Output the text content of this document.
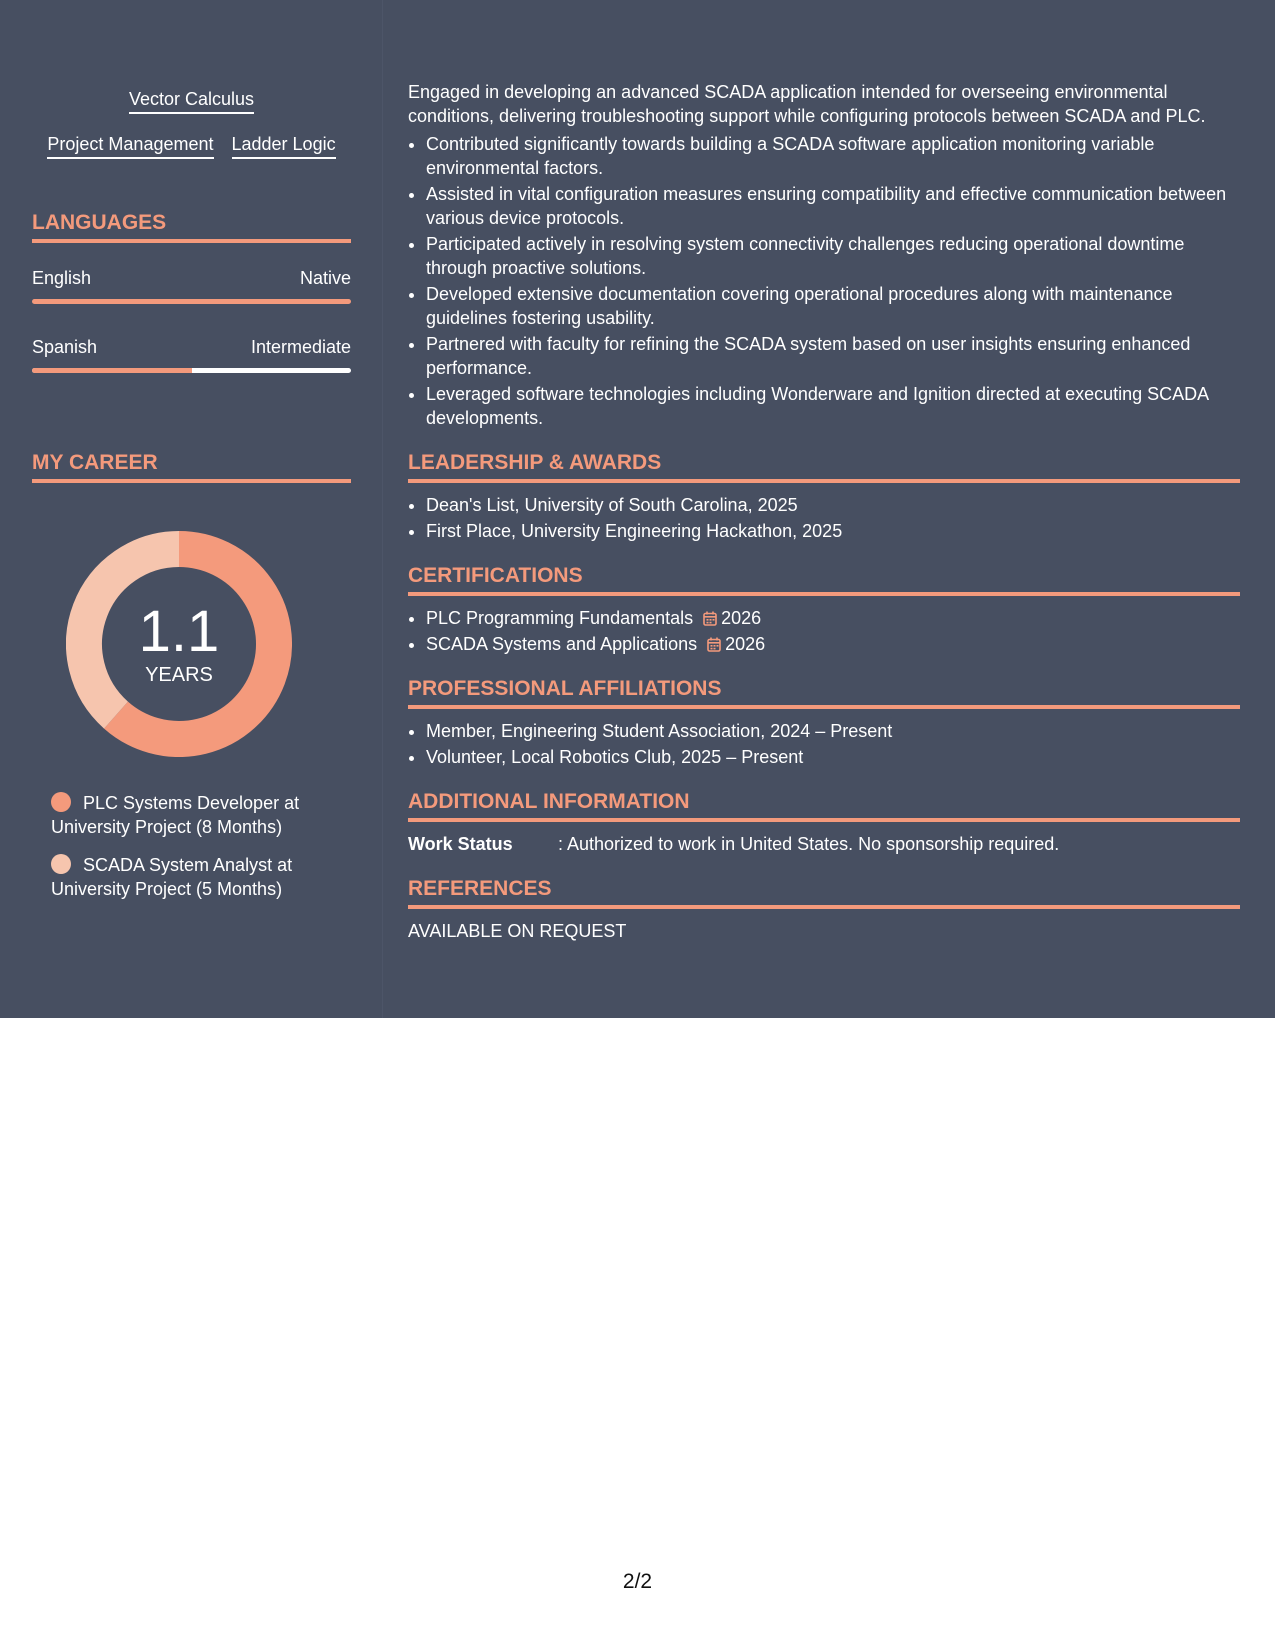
Vector Calculus
Project Management Ladder Logic
LANGUAGES
English	Native
Spanish	Intermediate
MY CAREER
1.1
YEARS
PLC Systems Developer at University Project (8 Months)
SCADA System Analyst at University Project (5 Months)

Engaged in developing an advanced SCADA application intended for overseeing environmental conditions, delivering troubleshooting support while configuring protocols between SCADA and PLC.

• Contributed significantly towards building a SCADA software application monitoring variable environmental factors.
• Assisted in vital configuration measures ensuring compatibility and effective communication between various device protocols.
• Participated actively in resolving system connectivity challenges reducing operational downtime through proactive solutions.
• Developed extensive documentation covering operational procedures along with maintenance guidelines fostering usability.
• Partnered with faculty for refining the SCADA system based on user insights ensuring enhanced performance.
• Leveraged software technologies including Wonderware and Ignition directed at executing SCADA developments.
LEADERSHIP & AWARDS
• Dean's List, University of South Carolina, 2025
• First Place, University Engineering Hackathon, 2025
CERTIFICATIONS
• PLC Programming Fundamentals 2026
• SCADA Systems and Applications 2026
PROFESSIONAL AFFILIATIONS
• Member, Engineering Student Association, 2024 – Present
• Volunteer, Local Robotics Club, 2025 – Present
ADDITIONAL INFORMATION
Work Status	: Authorized to work in United States. No sponsorship required.
REFERENCES
AVAILABLE ON REQUEST
2/2
